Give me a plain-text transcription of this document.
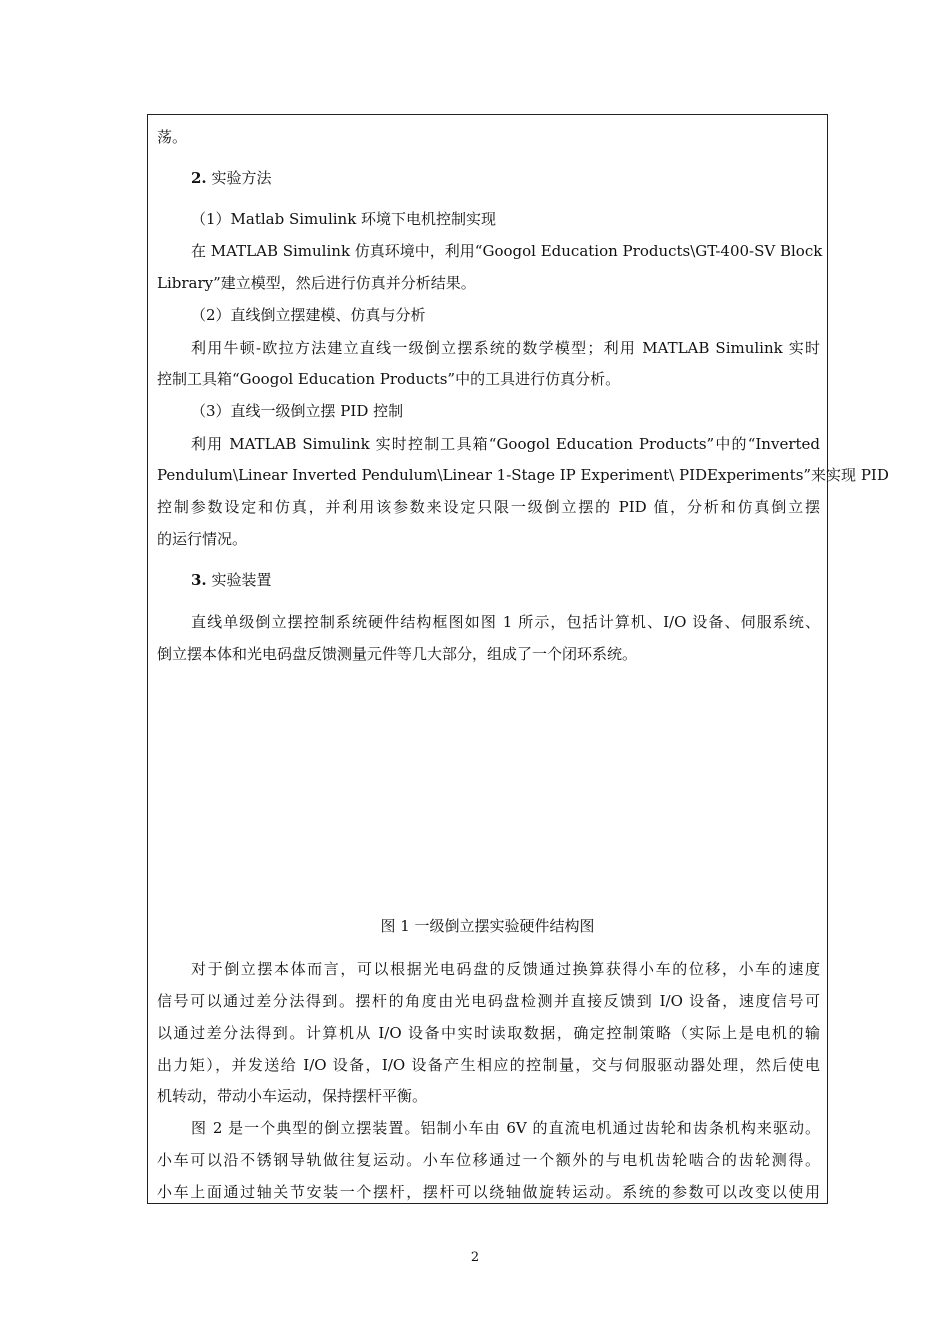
荡。
2. 实验方法
（1）Matlab Simulink 环境下电机控制实现
在 MATLAB Simulink 仿真环境中，利用“Googol Education Products\GT-400-SV Block
Library”建立模型，然后进行仿真并分析结果。
（2）直线倒立摆建模、仿真与分析
利用牛顿-欧拉方法建立直线一级倒立摆系统的数学模型；利用 MATLAB Simulink 实时
控制工具箱“Googol Education Products”中的工具进行仿真分析。
（3）直线一级倒立摆 PID 控制
利用 MATLAB Simulink 实时控制工具箱“Googol Education Products”中的“Inverted
Pendulum\Linear Inverted Pendulum\Linear 1-Stage IP Experiment\ PIDExperiments”来实现 PID
控制参数设定和仿真，并利用该参数来设定只限一级倒立摆的 PID 值，分析和仿真倒立摆
的运行情况。
3. 实验装置
直线单级倒立摆控制系统硬件结构框图如图 1 所示，包括计算机、I/O 设备、伺服系统、
倒立摆本体和光电码盘反馈测量元件等几大部分，组成了一个闭环系统。
图 1 一级倒立摆实验硬件结构图
对于倒立摆本体而言，可以根据光电码盘的反馈通过换算获得小车的位移，小车的速度
信号可以通过差分法得到。摆杆的角度由光电码盘检测并直接反馈到 I/O 设备，速度信号可
以通过差分法得到。计算机从 I/O 设备中实时读取数据，确定控制策略（实际上是电机的输
出力矩），并发送给 I/O 设备，I/O 设备产生相应的控制量，交与伺服驱动器处理，然后使电
机转动，带动小车运动，保持摆杆平衡。
图 2 是一个典型的倒立摆装置。铝制小车由 6V 的直流电机通过齿轮和齿条机构来驱动。
小车可以沿不锈钢导轨做往复运动。小车位移通过一个额外的与电机齿轮啮合的齿轮测得。
小车上面通过轴关节安装一个摆杆，摆杆可以绕轴做旋转运动。系统的参数可以改变以使用
2
